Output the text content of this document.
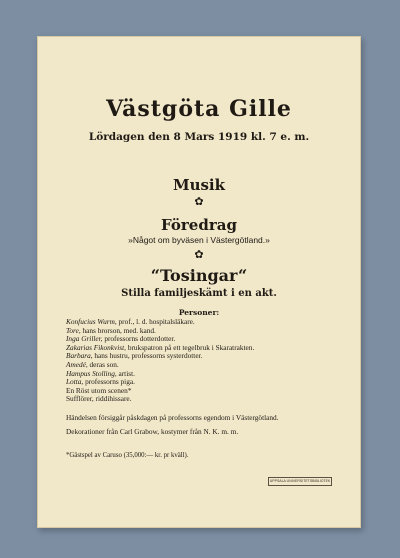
Västgöta Gille
Lördagen den 8 Mars 1919 kl. 7 e. m.
Musik
✿
Föredrag
»Något om byväsen i Västergötland.»
✿
“Tosingar“
Stilla familjeskämt i en akt.
Personer:
Konfucius Wurm, prof., l. d. hospitalsläkare.
Tore, hans brorson, med. kand.
Inga Griller, professorns dotterdotter.
Zakarias Fikonkvist, brukspatron på ett tegelbruk i Skaratrakten.
Barbara, hans hustru, professorns systerdotter.
Amedé, deras son.
Hampus Stolling, artist.
Lotta, professorns piga.
En Röst utom scenen*
Sufflörer, riddihissare.
Händelsen försiggår påskdagen på professorns egendom i Västergötland.
Dekorationer från Carl Grabow, kostymer från N. K. m. m.
*Gästspel av Caruso (35,000:— kr. pr kväll).
UPPSALA UNIVERSITETSBIBLIOTEK
